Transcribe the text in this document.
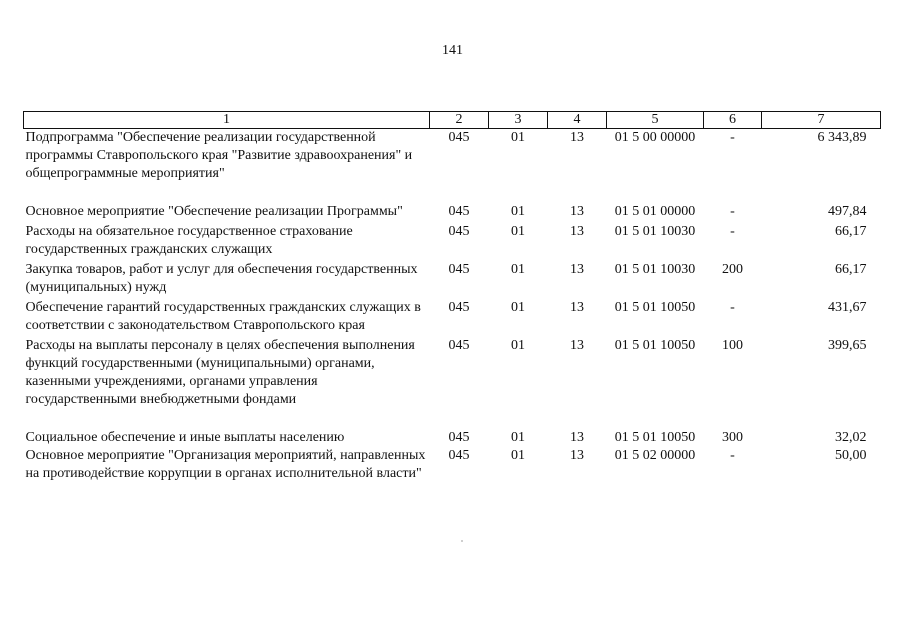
141
1	2	3	4	5	6	7
Подпрограмма "Обеспечение реализации государственной программы Ставропольского края "Развитие здравоохранения" и общепрограммные мероприятия"	045	01	13	01 5 00 00000	-	6 343,89
Основное мероприятие "Обеспечение реализации Программы"	045	01	13	01 5 01 00000	-	497,84
Расходы на обязательное государственное страхование государственных гражданских служащих	045	01	13	01 5 01 10030	-	66,17
Закупка товаров, работ и услуг для обеспечения государственных (муниципальных) нужд	045	01	13	01 5 01 10030	200	66,17
Обеспечение гарантий государственных гражданских служащих в соответствии с законодательством Ставропольского края	045	01	13	01 5 01 10050	-	431,67
Расходы на выплаты персоналу в целях обеспечения выполнения функций государственными (муниципальными) органами, казенными учреждениями, органами управления государственными внебюджетными фондами	045	01	13	01 5 01 10050	100	399,65
Социальное обеспечение и иные выплаты населению	045	01	13	01 5 01 10050	300	32,02
Основное мероприятие "Организация мероприятий, направленных на противодействие коррупции в органах исполнительной власти"	045	01	13	01 5 02 00000	-	50,00
